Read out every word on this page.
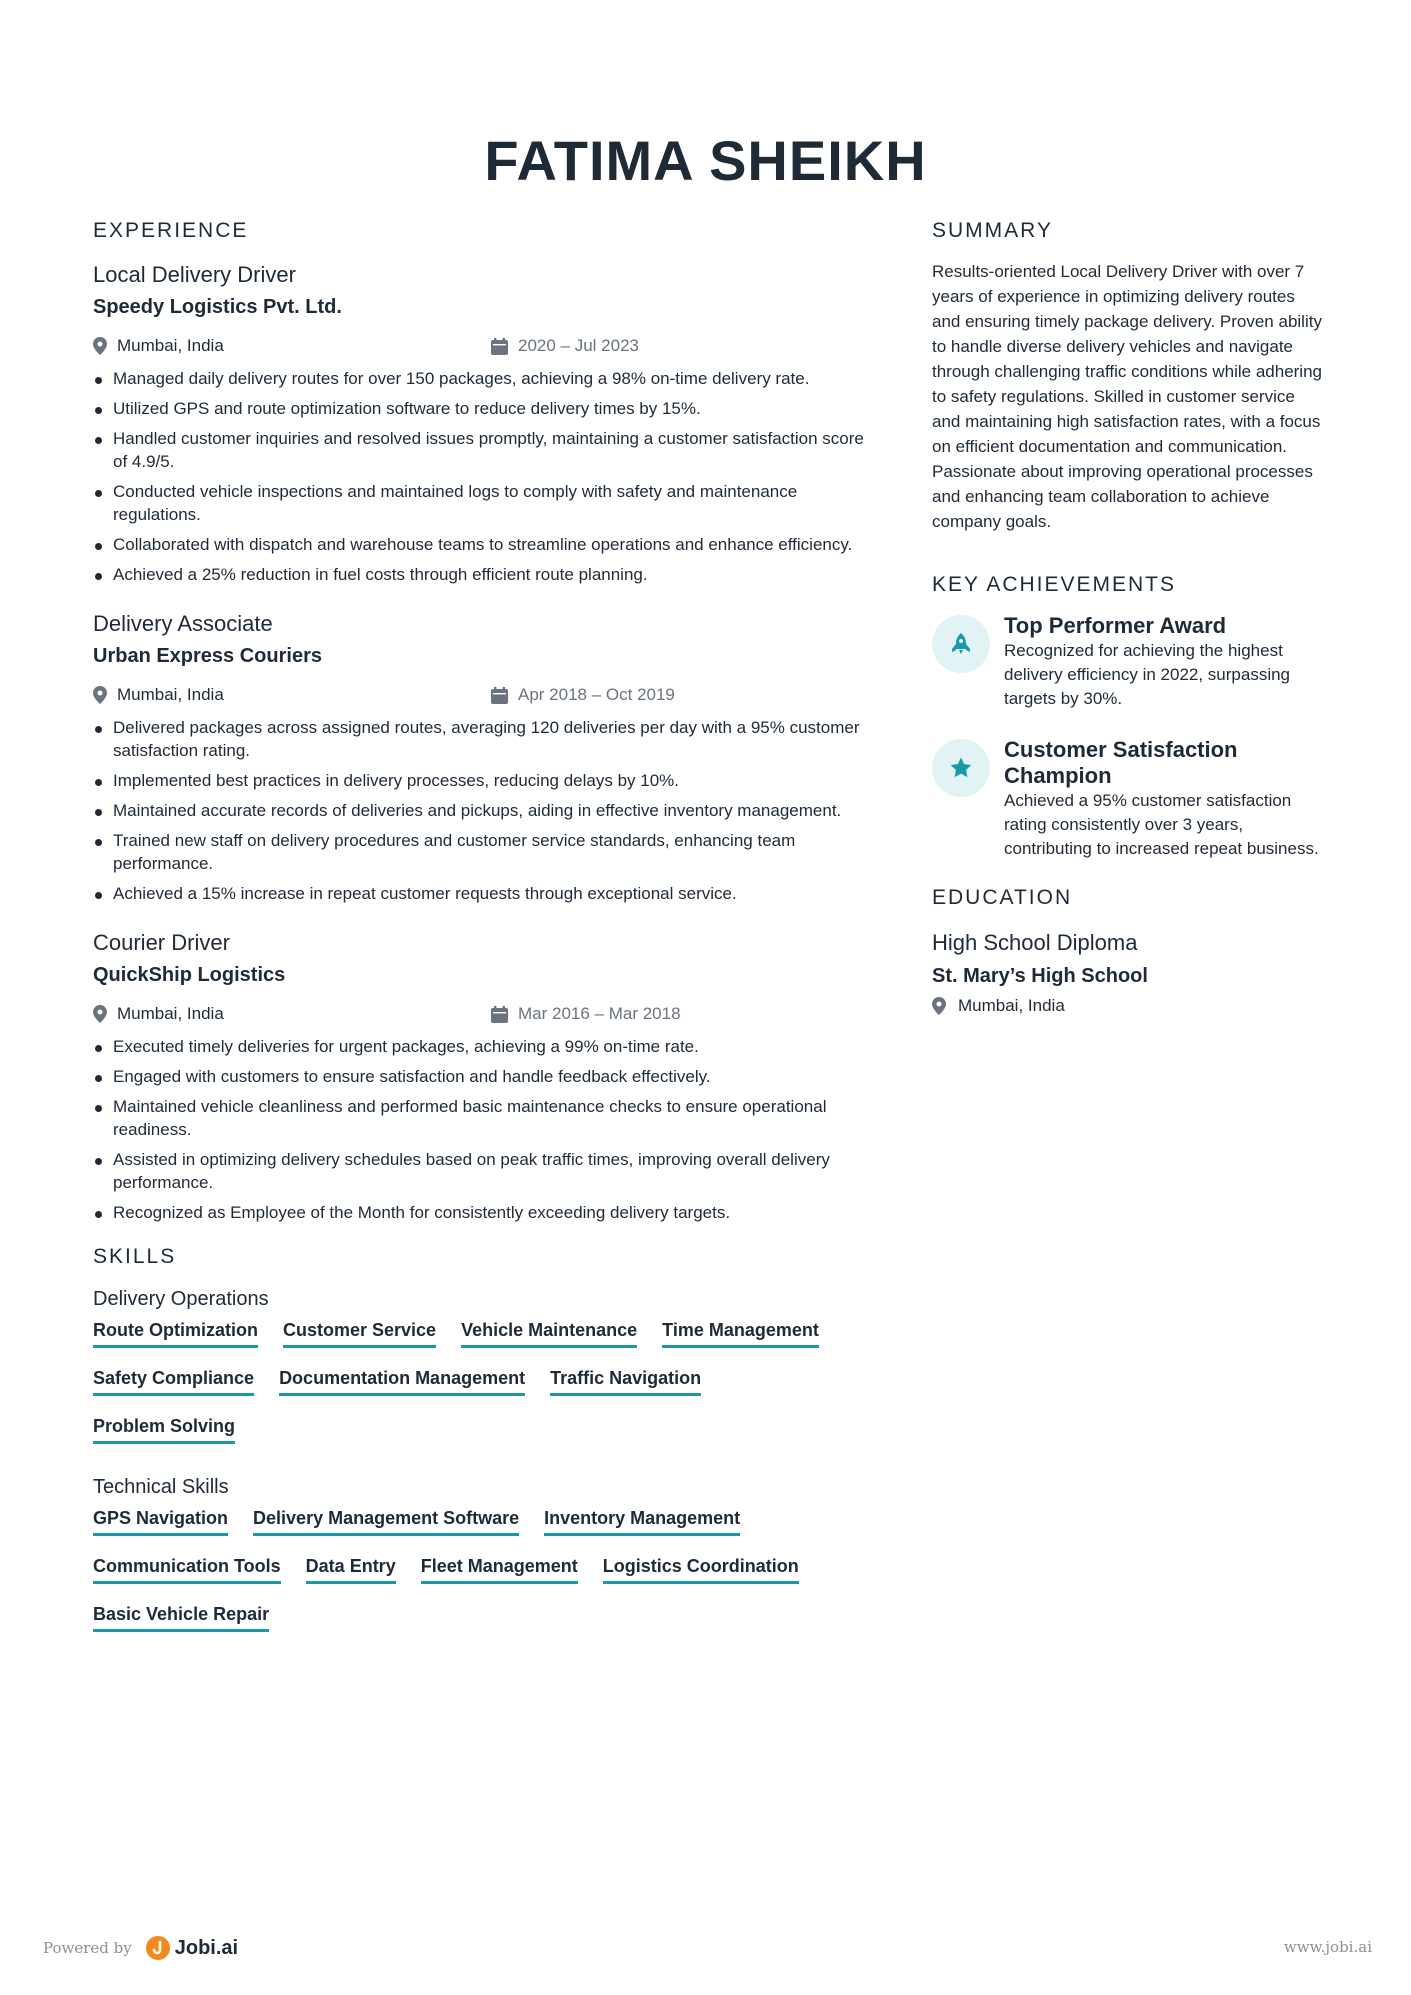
FATIMA SHEIKH
EXPERIENCE

Local Delivery Driver

Speedy Logistics Pvt. Ltd.

Mumbai, India	2020 – Jul 2023
Managed daily delivery routes for over 150 packages, achieving a 98% on-time delivery rate.
Utilized GPS and route optimization software to reduce delivery times by 15%.
Handled customer inquiries and resolved issues promptly, maintaining a customer satisfaction score of 4.9/5.
Conducted vehicle inspections and maintained logs to comply with safety and maintenance regulations.
Collaborated with dispatch and warehouse teams to streamline operations and enhance efficiency.
Achieved a 25% reduction in fuel costs through efficient route planning.

Delivery Associate

Urban Express Couriers

Mumbai, India	Apr 2018 – Oct 2019
Delivered packages across assigned routes, averaging 120 deliveries per day with a 95% customer satisfaction rating.
Implemented best practices in delivery processes, reducing delays by 10%.
Maintained accurate records of deliveries and pickups, aiding in effective inventory management.
Trained new staff on delivery procedures and customer service standards, enhancing team performance.
Achieved a 15% increase in repeat customer requests through exceptional service.

Courier Driver

QuickShip Logistics

Mumbai, India	Mar 2016 – Mar 2018
Executed timely deliveries for urgent packages, achieving a 99% on-time rate.
Engaged with customers to ensure satisfaction and handle feedback effectively.
Maintained vehicle cleanliness and performed basic maintenance checks to ensure operational readiness.
Assisted in optimizing delivery schedules based on peak traffic times, improving overall delivery performance.
Recognized as Employee of the Month for consistently exceeding delivery targets.
SKILLS

Delivery Operations

Route Optimization Customer Service Vehicle Maintenance Time Management
Safety Compliance Documentation Management Traffic Navigation
Problem Solving

Technical Skills

GPS Navigation Delivery Management Software Inventory Management
Communication Tools Data Entry Fleet Management Logistics Coordination
Basic Vehicle Repair
SUMMARY

Results-oriented Local Delivery Driver with over 7 years of experience in optimizing delivery routes and ensuring timely package delivery. Proven ability to handle diverse delivery vehicles and navigate through challenging traffic conditions while adhering to safety regulations. Skilled in customer service and maintaining high satisfaction rates, with a focus on efficient documentation and communication. Passionate about improving operational processes and enhancing team collaboration to achieve company goals.

KEY ACHIEVEMENTS

Top Performer Award

Recognized for achieving the highest delivery efficiency in 2022, surpassing targets by 30%.

Customer Satisfaction Champion

Achieved a 95% customer satisfaction rating consistently over 3 years, contributing to increased repeat business.

EDUCATION

High School Diploma

St. Mary’s High School

Mumbai, India
Powered by Jobi.ai	www.jobi.ai
